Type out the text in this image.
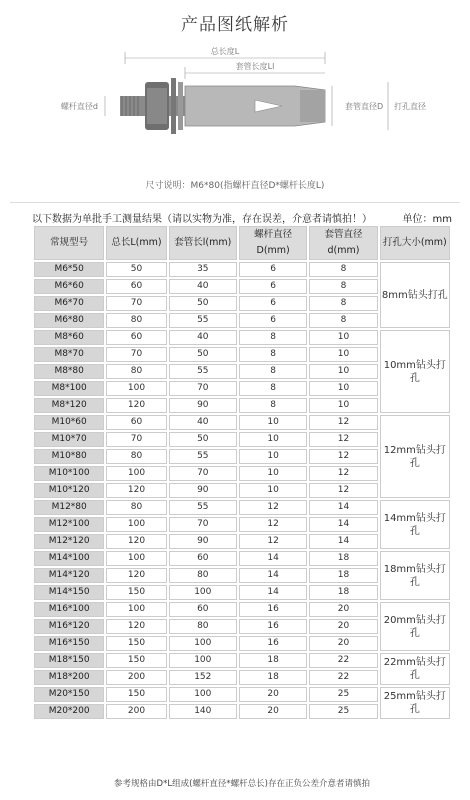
产品图纸解析
总长度L
套管长度Ll
螺杆直径d	套管直径D 打孔直径
尺寸说明：M6*80(指螺杆直径D*螺杆长度L)
以下数据为单批手工测量结果（请以实物为准，存在误差，介意者请慎拍！）	单位：mm
常规型号	总长L(mm)	套管长l(mm)	螺杆直径D(mm)	套管直径d(mm)	打孔大小(mm)
M6*50	50	35	6	8	8mm钻头打孔
M6*60	60	40	6	8	
M6*70	70	50	6	8	
M6*80	80	55	6	8	
M8*60	60	40	8	10	10mm钻头打孔
M8*70	70	50	8	10	
M8*80	80	55	8	10	
M8*100	100	70	8	10	
M8*120	120	90	8	10	
M10*60	60	40	10	12	12mm钻头打孔
M10*70	70	50	10	12	
M10*80	80	55	10	12	
M10*100	100	70	10	12	
M10*120	120	90	10	12	
M12*80	80	55	12	14	14mm钻头打孔
M12*100	100	70	12	14	
M12*120	120	90	12	14	
M14*100	100	60	14	18	18mm钻头打孔
M14*120	120	80	14	18	
M14*150	150	100	14	18	
M16*100	100	60	16	20	20mm钻头打孔
M16*120	120	80	16	20	
M16*150	150	100	16	20	
M18*150	150	100	18	22	22mm钻头打孔
M18*200	200	152	18	22	
M20*150	150	100	20	25	25mm钻头打孔
M20*200	200	140	20	25	
参考规格由D*L组成(螺杆直径*螺杆总长)存在正负公差介意者请慎拍
